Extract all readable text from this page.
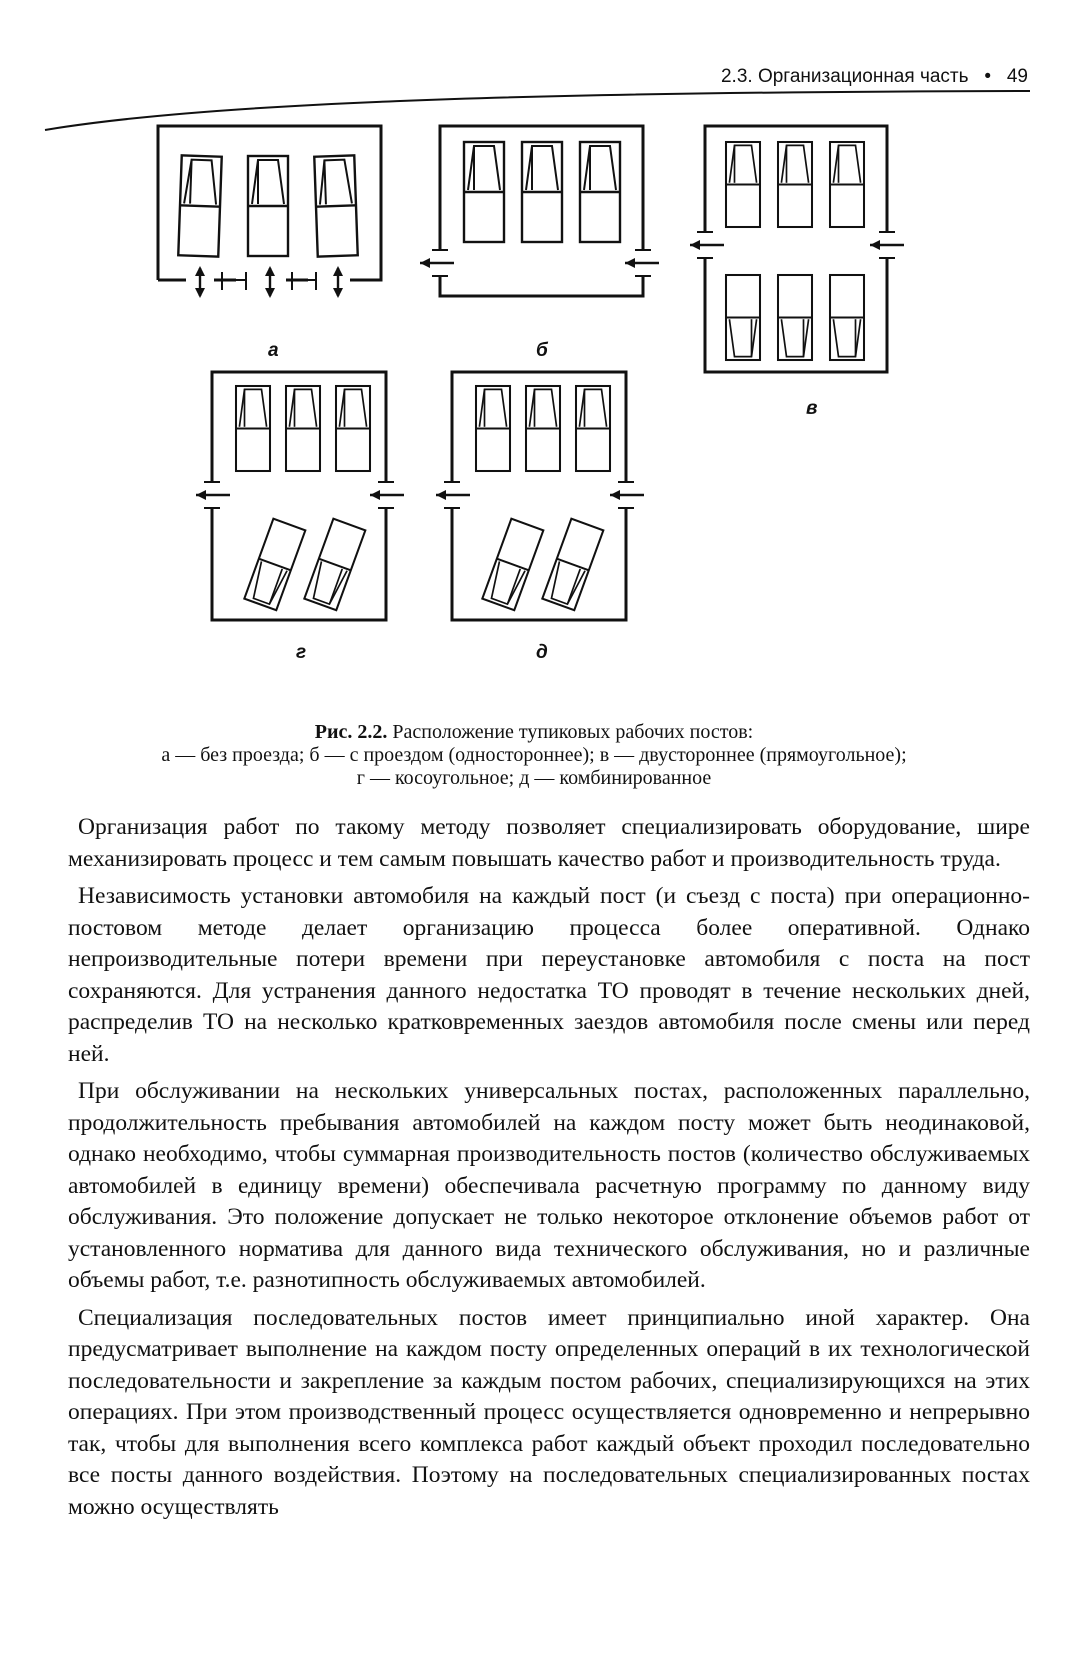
2.3. Организационная часть • 49
а	б
в
г	д
Рис. 2.2. Расположение тупиковых рабочих постов:
а — без проезда; б — с проездом (одностороннее); в — двустороннее (прямоугольное);
г — косоугольное; д — комбинированное

Организация работ по такому методу позволяет специализировать оборудование, шире механизировать процесс и тем самым повышать качество работ и производительность труда.

Независимость установки автомобиля на каждый пост (и съезд с поста) при операционно-постовом методе делает организацию процесса более оперативной. Однако непроизводительные потери времени при переустановке автомобиля с поста на пост сохраняются. Для устранения данного недостатка ТО проводят в течение нескольких дней, распределив ТО на несколько кратковременных заездов автомобиля после смены или перед ней.

При обслуживании на нескольких универсальных постах, расположенных параллельно, продолжительность пребывания автомобилей на каждом посту может быть неодинаковой, однако необходимо, чтобы суммарная производительность постов (количество обслуживаемых автомобилей в единицу времени) обеспечивала расчетную программу по данному виду обслуживания. Это положение допускает не только некоторое отклонение объемов работ от установленного норматива для данного вида технического обслуживания, но и различные объемы работ, т.е. разнотипность обслуживаемых автомобилей.

Специализация последовательных постов имеет принципиально иной характер. Она предусматривает выполнение на каждом посту определенных операций в их технологической последовательности и закрепление за каждым постом рабочих, специализирующихся на этих операциях. При этом производственный процесс осуществляется одновременно и непрерывно так, чтобы для выполнения всего комплекса работ каждый объект проходил последовательно все посты данного воздействия. Поэтому на последовательных специализированных постах можно осуществлять
